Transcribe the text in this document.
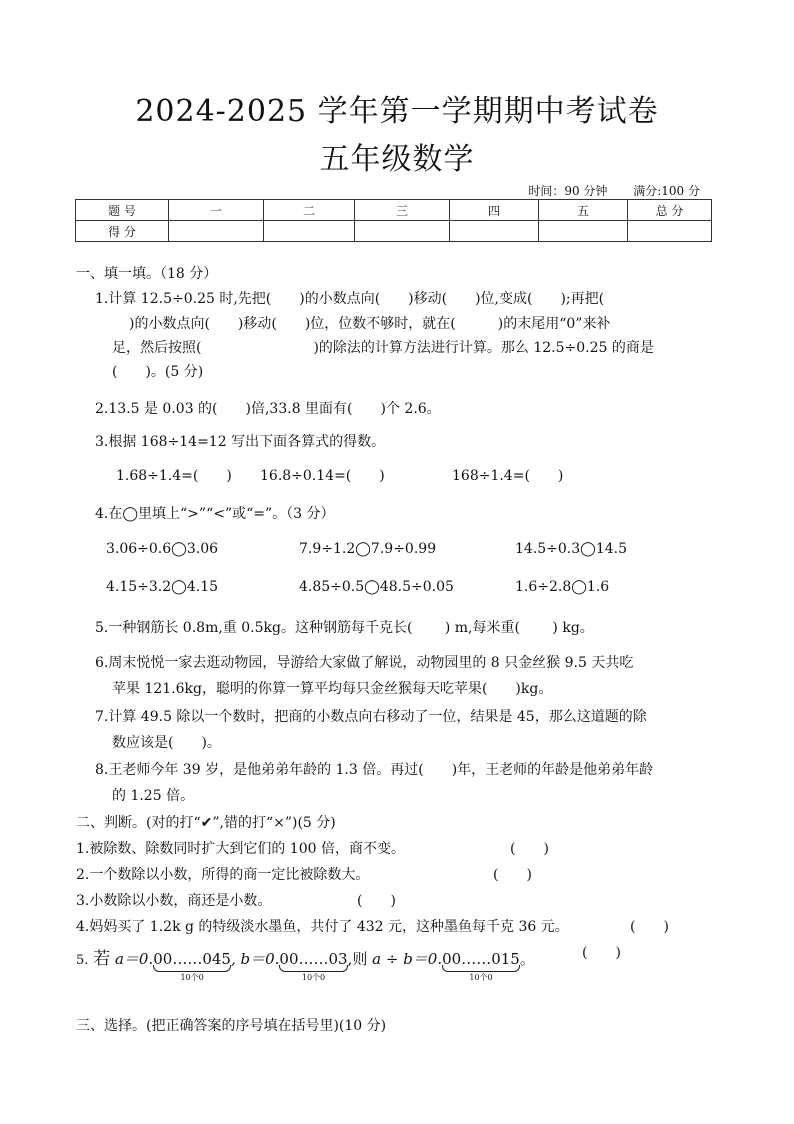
2024-2025 学年第一学期期中考试卷
五年级数学
时间：90 分钟 满分:100 分
题 号	一	二	三	四	五	总 分
得 分						
一、填一填。（18 分）
1.计算 12.5÷0.25 时,先把(　　)的小数点向(　　)移动(　　)位,变成(　　);再把(
)的小数点向(　　)移动(　　)位，位数不够时，就在(　　　)的末尾用“0”来补
足，然后按照(　　　　　　　　)的除法的计算方法进行计算。那么 12.5÷0.25 的商是
(　　)。(5 分)
2.13.5 是 0.03 的(　　)倍,33.8 里面有(　　)个 2.6。
3.根据 168÷14=12 写出下面各算式的得数。
1.68÷1.4=(　　) 16.8÷0.14=(　　)	168÷1.4=(　　)
4.在◯里填上“>”“<”或“=”。（3 分）
3.06÷0.6◯3.06	7.9÷1.2◯7.9÷0.99	14.5÷0.3◯14.5
4.15÷3.2◯4.15	4.85÷0.5◯48.5÷0.05	1.6÷2.8◯1.6
5.一种钢筋长 0.8m,重 0.5kg。这种钢筋每千克长(　　 ) m,每米重(　　 ) kg。
6.周末悦悦一家去逛动物园，导游给大家做了解说，动物园里的 8 只金丝猴 9.5 天共吃
苹果 121.6kg，聪明的你算一算平均每只金丝猴每天吃苹果(　　)kg。
7.计算 49.5 除以一个数时，把商的小数点向右移动了一位，结果是 45，那么这道题的除
数应该是(　　)。
8.王老师今年 39 岁，是他弟弟年龄的 1.3 倍。再过(　　)年，王老师的年龄是他弟弟年龄
的 1.25 倍。
二、判断。(对的打“✔”,错的打“×”)(5 分)
1.被除数、除数同时扩大到它们的 100 倍，商不变。	(　　)
2.一个数除以小数，所得的商一定比被除数大。	(　　)
3.小数除以小数，商还是小数。	(　　)
4.妈妈买了 1.2k g 的特级淡水墨鱼，共付了 432 元，这种墨鱼每千克 36 元。	(　　)
5. 若 a＝0.00……045
10个0
, b＝0.00……03
10个0
,则 a ÷ b＝0.00……015
10个0
。	(　　)
三、选择。(把正确答案的序号填在括号里)(10 分)
